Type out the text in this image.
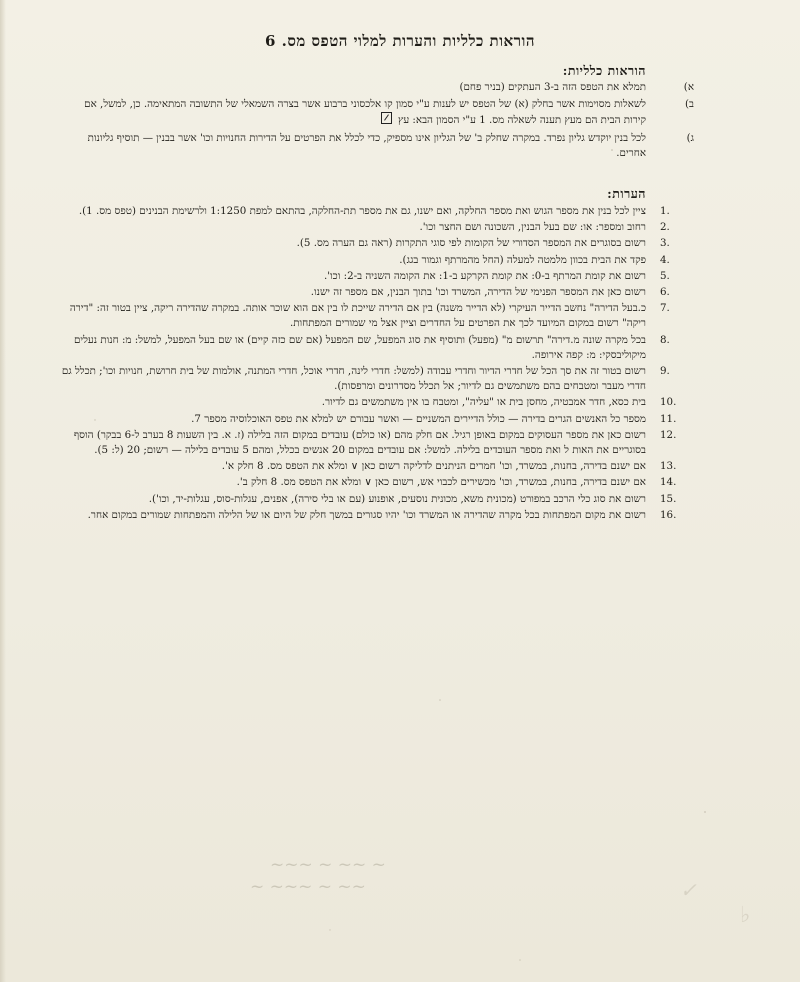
הוראות כלליות והערות למלוי הטפס מס. 6
הוראות כלליות:
א)
תמלא את הטפס הזה ב-3 העתקים (בניר פחם)
ב)
לשאלות מסוימות אשר בחלק (א) של הטפס יש לענות ע"י סמון קו אלכסוני ברבוע אשר בצרה השמאלי של התשובה המתאימה. כן, למשל, אם קירות הבית הם מעץ תענה לשאלה מס. 1 ע"י הסמון הבא: עץ
ג)
לכל בנין יוקדש גליון נפרד. במקרה שחלק ב' של הגליון אינו מספיק, כדי לכלל את הפרטים על הדירות החנויות וכו' אשר בבנין — תוסיף גליונות אחרים.
הערות:
1.
ציין לכל בנין את מספר הגוש ואת מספר החלקה, ואם ישנו, גם את מספר תת-החלקה, בהתאם למפת 1:1250 ולרשימת הבנינים (טפס מס. 1).
2.
רחוב ומספר: או: שם בעל הבנין, השכונה ושם החצר וכו'.
3.
רשום בסוגרים את המספר הסדורי של הקומות לפי סוגי התקרות (ראה גם הערה מס. 5).
4.
פקד את הבית בכוון מלמטה למעלה (החל מהמרתף וגמור בגג).
5.
רשום את קומת המרתף ב-0: את קומת הקרקע ב-1: את הקומה השניה ב-2: וכו'.
6.
רשום כאן את המספר הפנימי של הדירה, המשרד וכו' בתוך הבנין, אם מספר זה ישנו.
7.
כ.בעל הדירה" נחשב הדייר העיקרי (לא הדייר משנה) בין אם הדירה שייכת לו בין אם הוא שוכר אותה. במקרה שהדירה ריקה, ציין בטור זה: "דירה ריקה" רשום במקום המיועד לכך את הפרטים על החדרים וציין אצל מי שמורים המפתחות.
8.
בכל מקרה שונה מ.דירה" תרשום מ" (מפעל) ותוסיף את סוג המפעל, שם המפעל (אם שם כזה קיים) או שם בעל המפעל, למשל: מ: חנות נעלים מיקוליבסקי: מ: קפה אירופה.
9.
רשום בטור זה את סך הכל של חדרי הדיור וחדרי עבודה (למשל: חדרי לינה, חדרי אוכל, חדרי המתנה, אולמות של בית חרושת, חנויות וכו'; תכלל גם חדרי מעבר ומטבחים בהם משתמשים גם לדיור; אל תכלל מסדרונים ומרפסות).
10.
בית כסא, חדר אמבטיה, מחסן בית או "עליה", ומטבח בו אין משתמשים גם לדיור.
11.
מספר כל האנשים הגרים בדירה — כולל הדיירים המשניים — ואשר עבורם יש למלא את טפס האוכלוסיה מספר 7.
12.
רשום כאן את מספר העסוקים במקום באופן רגיל. אם חלק מהם (או כולם) עובדים במקום הזה בלילה (ז. א. בין השעות 8 בערב ל-6 בבקר) הוסף בסוגריים את האות ל ואת מספר העובדים בלילה. למשל: אם עובדים במקום 20 אנשים בכלל, ומהם 5 עובדים בלילה — רשום; 20 (ל: 5).
13.
אם ישנם בדירה, בחנות, במשרד, וכו' חמרים הניתנים לדליקה רשום כאן ∨ ומלא את הטפס מס. 8 חלק א'.
14.
אם ישנם בדירה, בחנות, במשרד, וכו' מכשירים לכבוי אש, רשום כאן ∨ ומלא את הטפס מס. 8 חלק ב'.
15.
רשום את סוג כלי הרכב במפורט (מכונית משא, מכונית נוסעים, אופנוע (עם או בלי סירה), אפנים, עגלות-סוס, עגלות-יד, וכו').
16.
רשום את מקום המפתחות בכל מקרה שהדירה או המשרד וכו' יהיו סגורים במשך חלק של היום או של הלילה והמפתחות שמורים במקום אחר.
~ ~~ ~ ~~~
~~ ~ ~~~ ~	✓
♭
